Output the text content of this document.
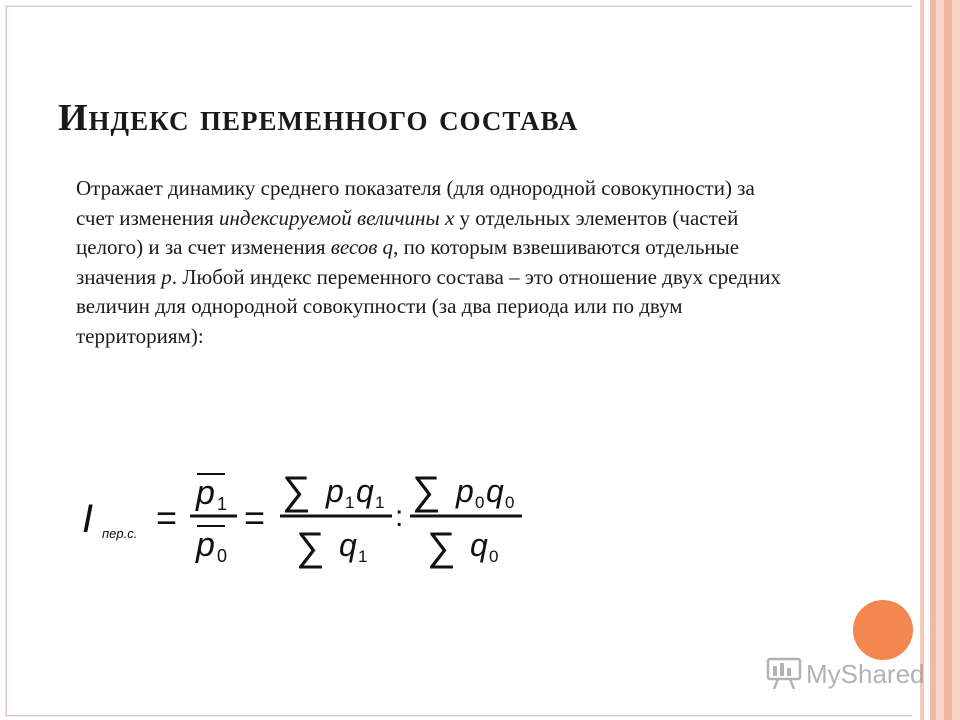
Индекс переменного состава

Отражает динамику среднего показателя (для однородной совокупности) за счет изменения индексируемой величины х у отдельных элементов (частей целого) и за счет изменения весов q, по которым взвешиваются отдельные значения р. Любой индекс переменного состава – это отношение двух средних величин для однородной совокупности (за два периода или по двум территориям):

I пер.с. =
p 1
p 0
=
∑ p 1 q 1
∑ q 1
:
∑ p 0 q 0
∑ q 0
MyShared
